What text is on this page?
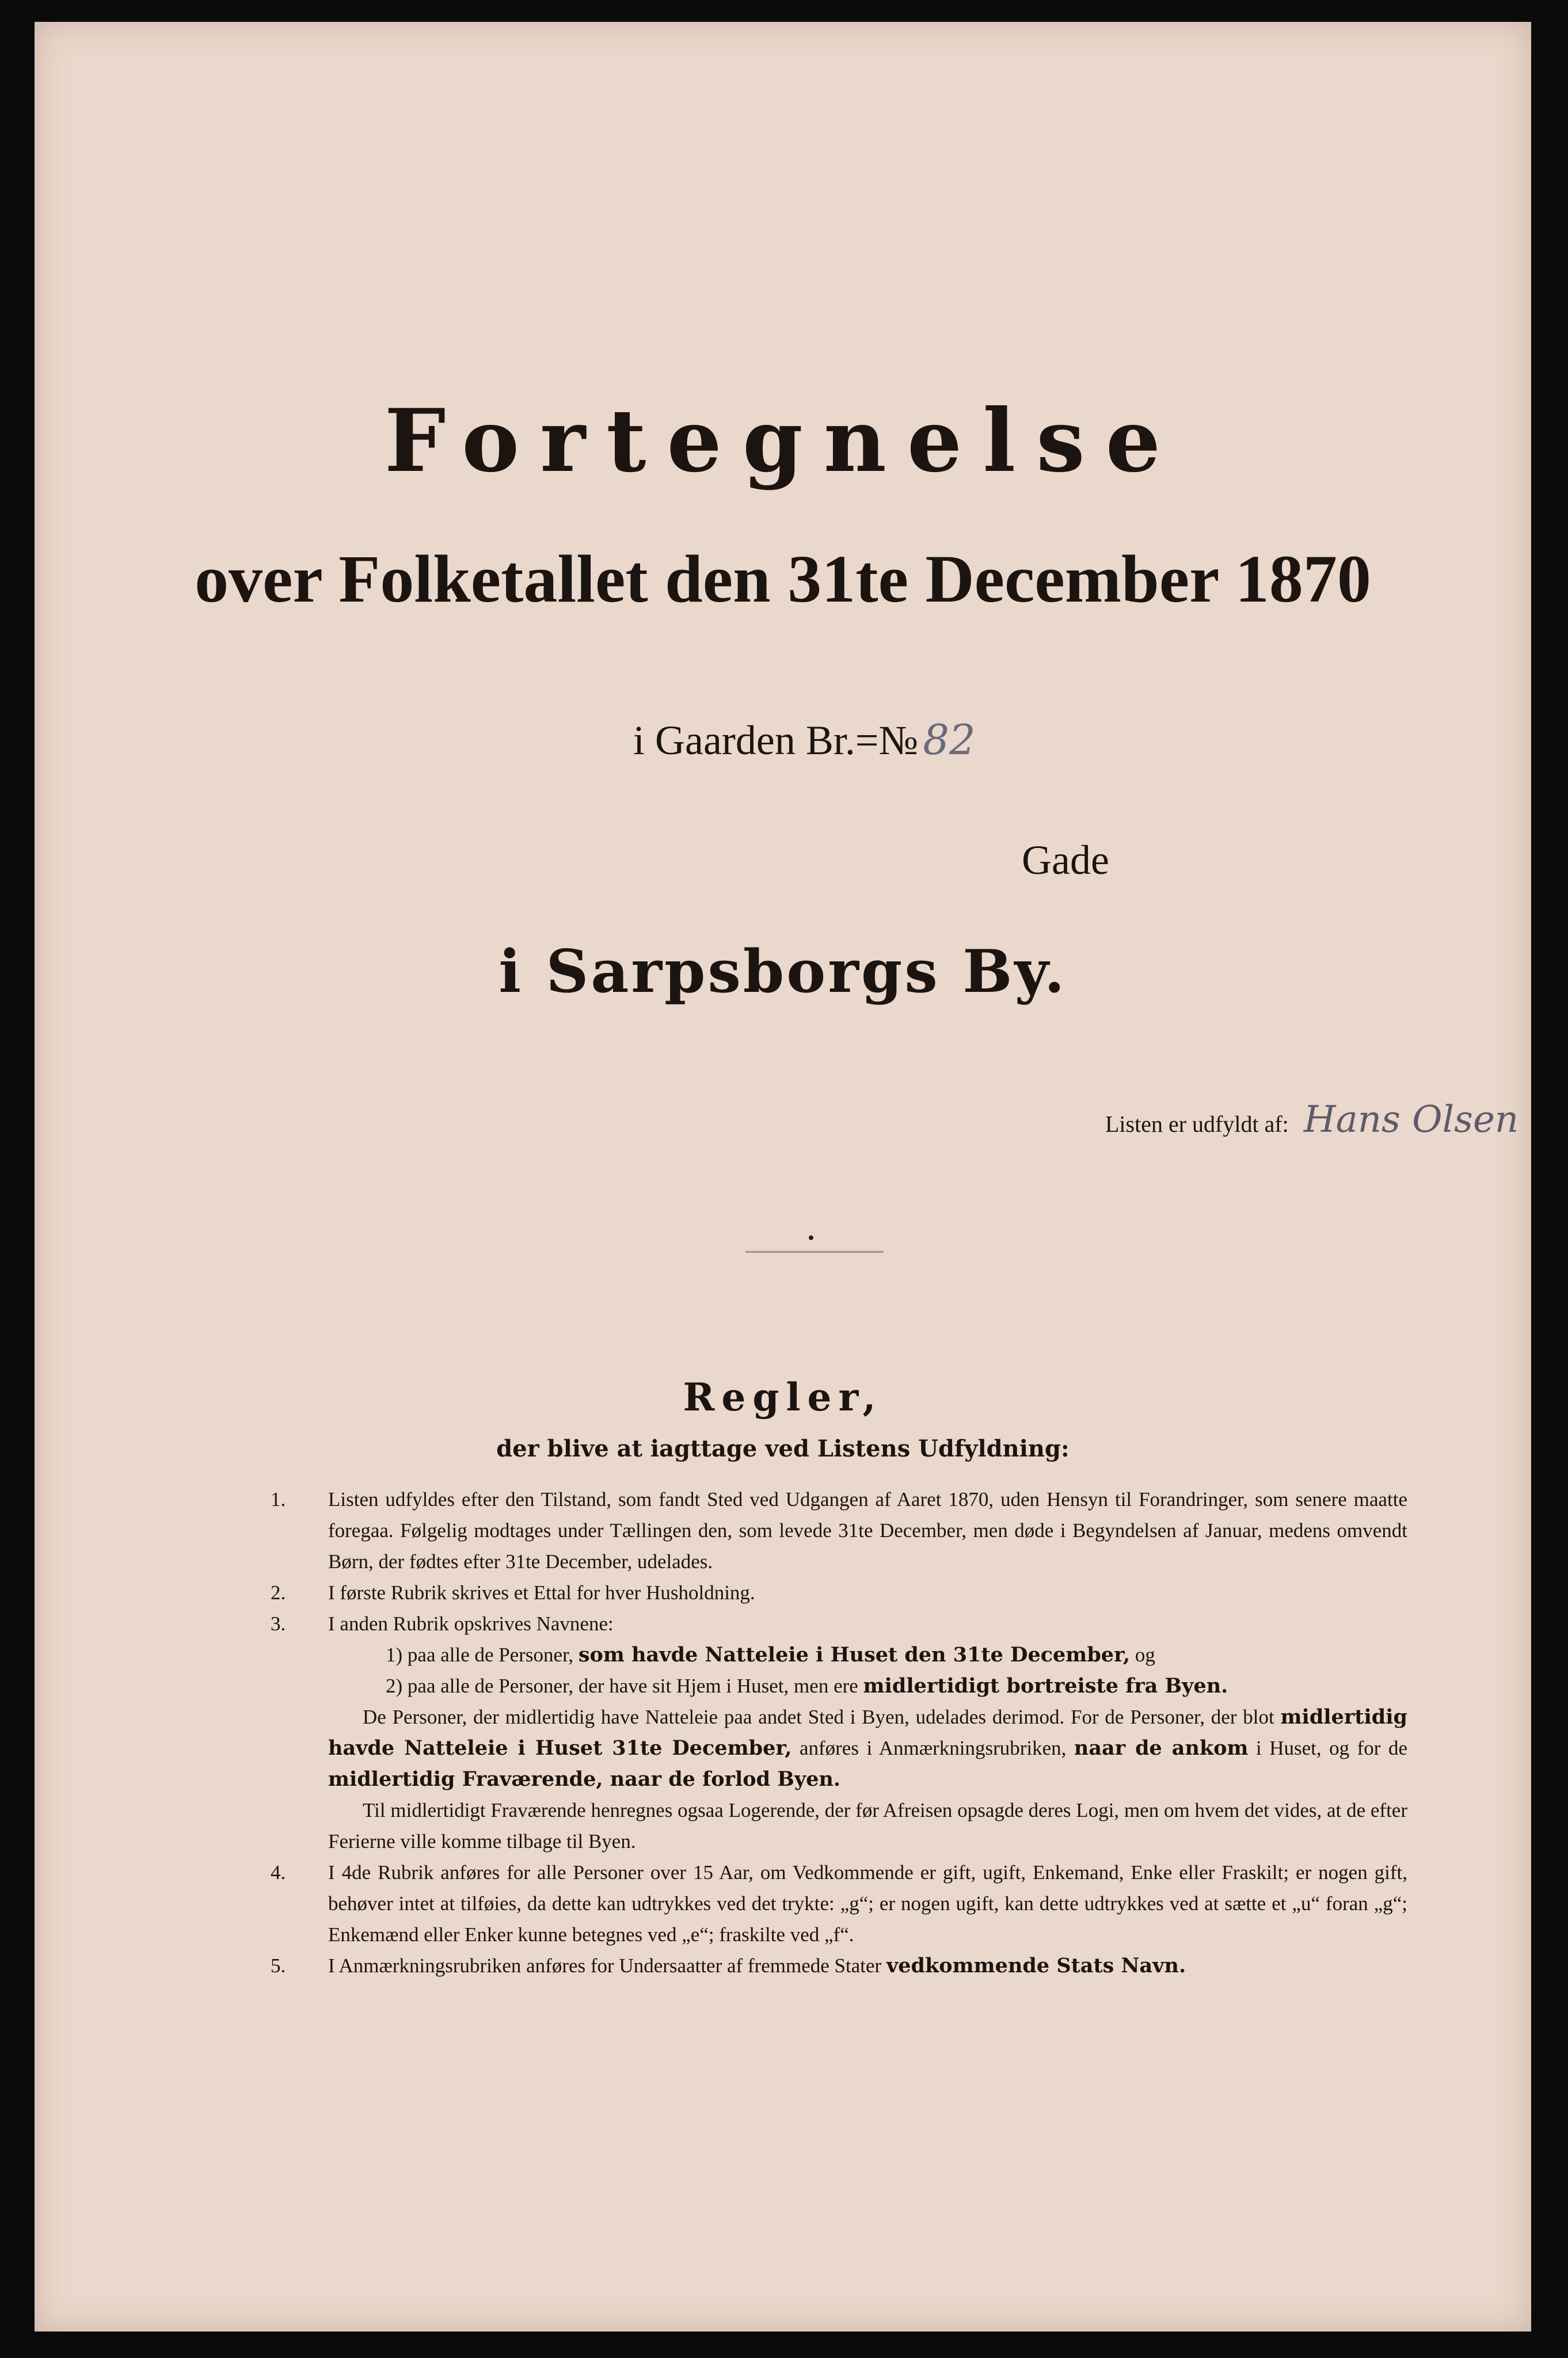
Fortegnelse
over Folketallet den 31te December 1870
i Gaarden Br.=№ 82
Gade
i Sarpsborgs By.
Listen er udfyldt af: Hans Olsen
Regler,
der blive at iagttage ved Listens Udfyldning:
1. Listen udfyldes efter den Tilstand, som fandt Sted ved Udgangen af Aaret 1870, uden Hensyn til Forandringer, som senere maatte foregaa. Følgelig modtages under Tællingen den, som levede 31te December, men døde i Begyndelsen af Januar, medens omvendt Børn, der fødtes efter 31te December, udelades.
2. I første Rubrik skrives et Ettal for hver Husholdning.
3. I anden Rubrik opskrives Navnene:
1) paa alle de Personer, som havde Natteleie i Huset den 31te December, og
2) paa alle de Personer, der have sit Hjem i Huset, men ere midlertidigt bortreiste fra Byen.

De Personer, der midlertidig have Natteleie paa andet Sted i Byen, udelades derimod. For de Personer, der blot midlertidig havde Natteleie i Huset 31te December, anføres i Anmærkningsrubriken, naar de ankom i Huset, og for de midlertidig Fraværende, naar de forlod Byen.

Til midlertidigt Fraværende henregnes ogsaa Logerende, der før Afreisen opsagde deres Logi, men om hvem det vides, at de efter Ferierne ville komme tilbage til Byen.

4. I 4de Rubrik anføres for alle Personer over 15 Aar, om Vedkommende er gift, ugift, Enkemand, Enke eller Fraskilt; er nogen gift, behøver intet at tilføies, da dette kan udtrykkes ved det trykte: „g“; er nogen ugift, kan dette udtrykkes ved at sætte et „u“ foran „g“; Enkemænd eller Enker kunne betegnes ved „e“; fraskilte ved „f“.
5. I Anmærkningsrubriken anføres for Undersaatter af fremmede Stater vedkommende Stats Navn.
